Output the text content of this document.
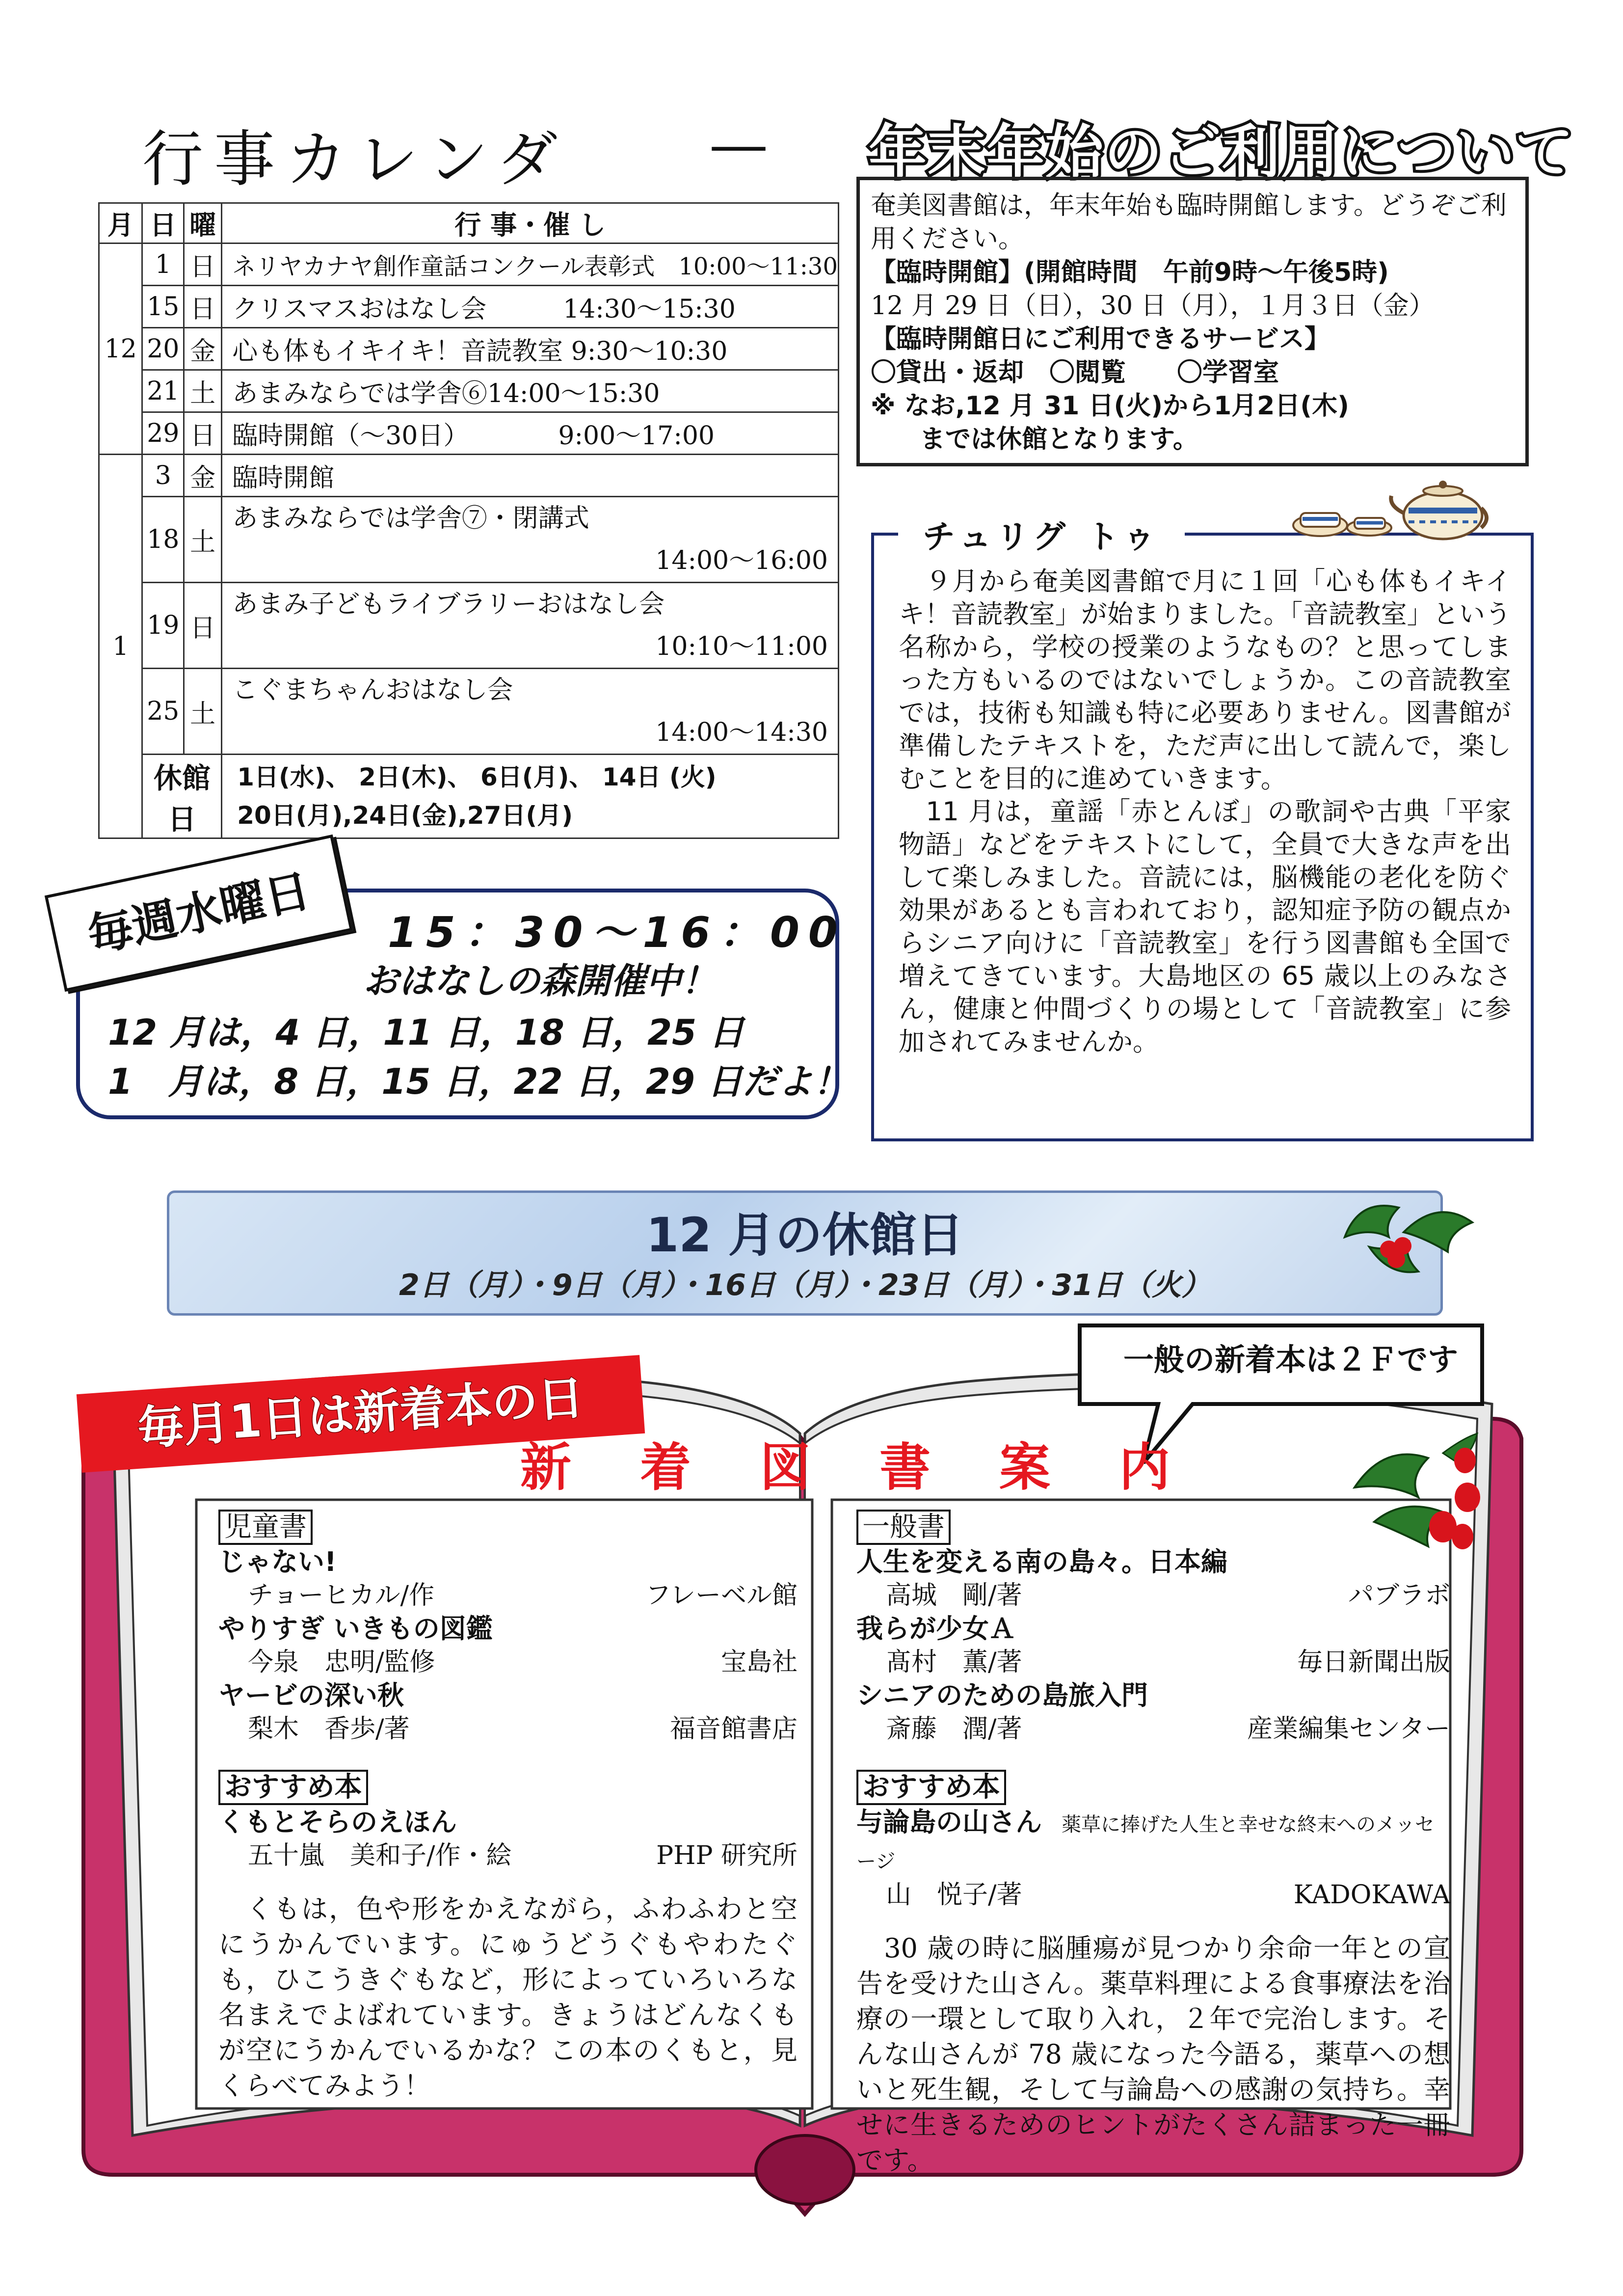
行事カレンダ — 年末年始のご利用について
月	日	曜	行 事・催 し
12	1	日	ネリヤカナヤ創作童話コンクール表彰式　10:00～11:30
	15	日	クリスマスおはなし会　　　14:30～15:30
	20	金	心も体もイキイキ！音読教室 9:30～10:30
	21	土	あまみならでは学舎⑥14:00～15:30
	29	日	臨時開館（～30日）　　　　9:00～17:00
1	3	金	臨時開館
	18	土	あまみならでは学舎⑦・閉講式
14:00～16:00

	19	日	あまみ子どもライブラリーおはなし会
10:10～11:00

	25	土	こぐまちゃんおはなし会
14:00～14:30

	休館日		1日(水)、 2日(木)、 6日(月)、 14日 (火)
20日(月),24日(金),27日(月)
奄美図書館は，年末年始も臨時開館します。どうぞご利用ください。
【臨時開館】(開館時間　午前9時～午後5時)
12 月 29 日（日），30 日（月），１月３日（金）
【臨時開館日にご利用できるサービス】
〇貸出・返却　〇閲覧　　〇学習室
※ なお,12 月 31 日(火)から1月2日(木)
までは休館となります。
　９月から奄美図書館で月に１回「心も体もイキイキ！音読教室」が始まりました。「音読教室」という名称から，学校の授業のようなもの？と思ってしまった方もいるのではないでしょうか。この音読教室では，技術も知識も特に必要ありません。図書館が準備したテキストを，ただ声に出して読んで，楽しむことを目的に進めていきます。
　11 月は，童謡「赤とんぼ」の歌詞や古典「平家物語」などをテキストにして，全員で大きな声を出して楽しみました。音読には，脳機能の老化を防ぐ効果があるとも言われており，認知症予防の観点からシニア向けに「音読教室」を行う図書館も全国で増えてきています。大島地区の 65 歳以上のみなさん，健康と仲間づくりの場として「音読教室」に参加されてみませんか。
チュリグ トゥ
毎週水曜日	15：30～16：00
おはなしの森開催中！
12 月は，4 日，11 日，18 日，25 日
1　月は，8 日，15 日，22 日，29 日だよ！
12 月の休館日
2日（月）・9日（月）・16日（月）・23日（月）・31日（火）
毎月1日は新着本の日
新着図書案内
一般の新着本は２Ｆです
児童書
じゃない!
チョーヒカル/作	フレーベル館
やりすぎ いきもの図鑑
今泉　忠明/監修	宝島社
ヤービの深い秋
梨木　香歩/著	福音館書店
おすすめ本
くもとそらのえほん
五十嵐　美和子/作・絵	PHP 研究所
　くもは，色や形をかえながら，ふわふわと空にうかんでいます。にゅうどうぐもやわたぐも，ひこうきぐもなど，形によっていろいろな名まえでよばれています。きょうはどんなくもが空にうかんでいるかな？この本のくもと，見くらべてみよう！
一般書
人生を変える南の島々。日本編
高城　剛/著	パブラボ
我らが少女Ａ
髙村　薫/著	毎日新聞出版
シニアのための島旅入門
斎藤　潤/著	産業編集センター
おすすめ本
与論島の山さん 薬草に捧げた人生と幸せな終末へのメッセージ
山　悦子/著	KADOKAWA
　30 歳の時に脳腫瘍が見つかり余命一年との宣告を受けた山さん。薬草料理による食事療法を治療の一環として取り入れ，２年で完治します。そんな山さんが 78 歳になった今語る，薬草への想いと死生観，そして与論島への感謝の気持ち。幸せに生きるためのヒントがたくさん詰まった一冊です。
